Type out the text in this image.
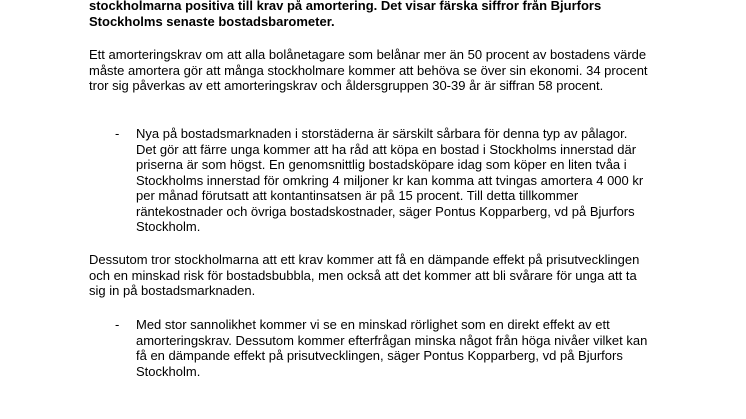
stockholmarna positiva till krav på amortering. Det visar färska siffror från Bjurfors Stockholms senaste bostadsbarometer.

Ett amorteringskrav om att alla bolånetagare som belånar mer än 50 procent av bostadens värde måste amortera gör att många stockholmare kommer att behöva se över sin ekonomi. 34 procent tror sig påverkas av ett amorteringskrav och åldersgruppen 30-39 år är siffran 58 procent.

- Nya på bostadsmarknaden i storstäderna är särskilt sårbara för denna typ av pålagor. Det gör att färre unga kommer att ha råd att köpa en bostad i Stockholms innerstad där priserna är som högst. En genomsnittlig bostadsköpare idag som köper en liten tvåa i Stockholms innerstad för omkring 4 miljoner kr kan komma att tvingas amortera 4 000 kr per månad förutsatt att kontantinsatsen är på 15 procent. Till detta tillkommer räntekostnader och övriga bostadskostnader, säger Pontus Kopparberg, vd på Bjurfors Stockholm.

Dessutom tror stockholmarna att ett krav kommer att få en dämpande effekt på prisutvecklingen och en minskad risk för bostadsbubbla, men också att det kommer att bli svårare för unga att ta sig in på bostadsmarknaden.

- Med stor sannolikhet kommer vi se en minskad rörlighet som en direkt effekt av ett amorteringskrav. Dessutom kommer efterfrågan minska något från höga nivåer vilket kan få en dämpande effekt på prisutvecklingen, säger Pontus Kopparberg, vd på Bjurfors Stockholm.
